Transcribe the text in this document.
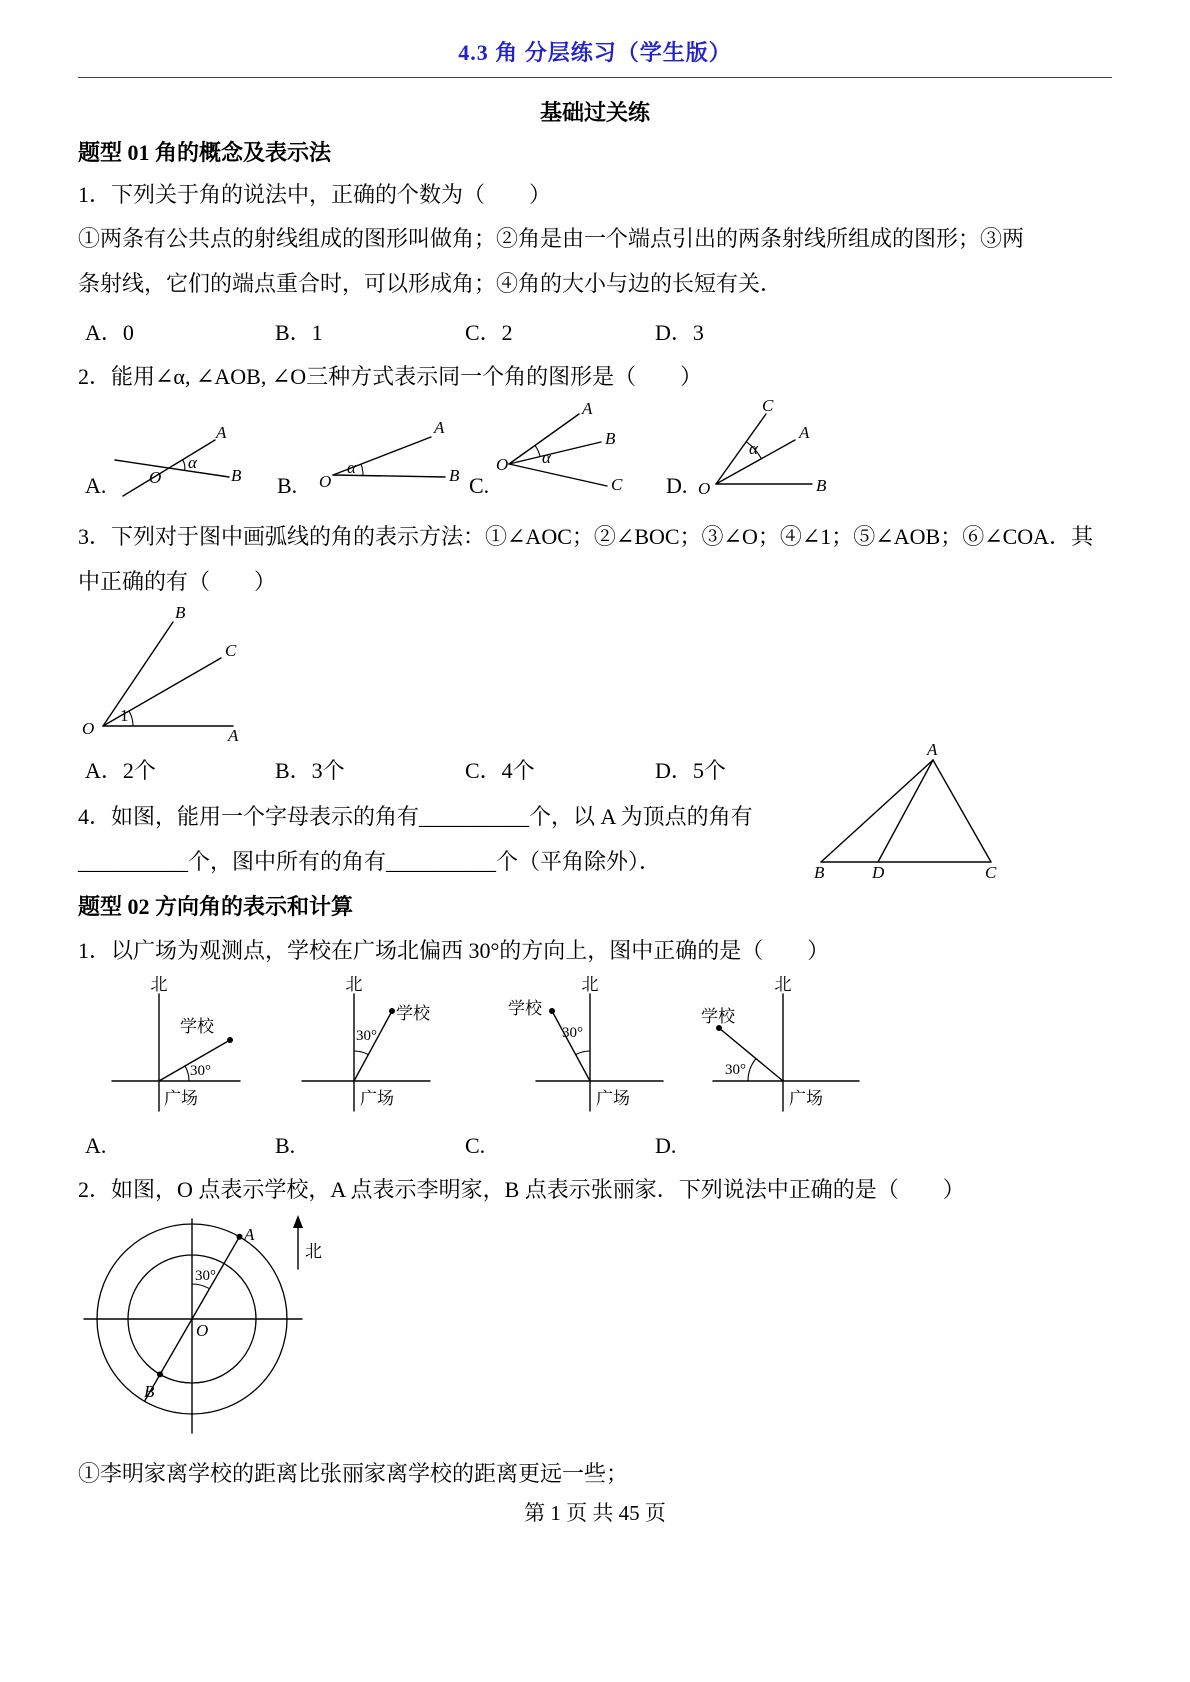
4.3 角 分层练习（学生版）
基础过关练
题型 01 角的概念及表示法

1．下列关于角的说法中，正确的个数为（　　）

①两条有公共点的射线组成的图形叫做角；②角是由一个端点引出的两条射线所组成的图形；③两
条射线，它们的端点重合时，可以形成角；④角的大小与边的长短有关．
A．0	B．1	C．2	D．3

2．能用∠α, ∠AOB, ∠O三种方式表示同一个角的图形是（　　）

A.
A
B
O
α
B.
A
B
O
α
C.
A
B
C
O α
D.
C
A
B
O
α

3．下列对于图中画弧线的角的表示方法：①∠AOC；②∠BOC；③∠O；④∠1；⑤∠AOB；⑥∠COA．其中正确的有（　　）

B
C
A
O
1
A．2个	B．3个	C．4个	D．5个

4．如图，能用一个字母表示的角有__________个，以 A 为顶点的角有__________个，图中所有的角有__________个（平角除外）．

A
B	D	C
题型 02 方向角的表示和计算

1．以广场为观测点，学校在广场北偏西 30°的方向上，图中正确的是（　　）

北
学校
30°
广场
北
学校
30°
广场
北
学校
30°
广场
北
学校
30°
广场
A.	B.	C.	D.

2．如图，O 点表示学校，A 点表示李明家，B 点表示张丽家．下列说法中正确的是（　　）

A
B
O
30°
北

①李明家离学校的距离比张丽家离学校的距离更远一些；

第 1 页 共 45 页
